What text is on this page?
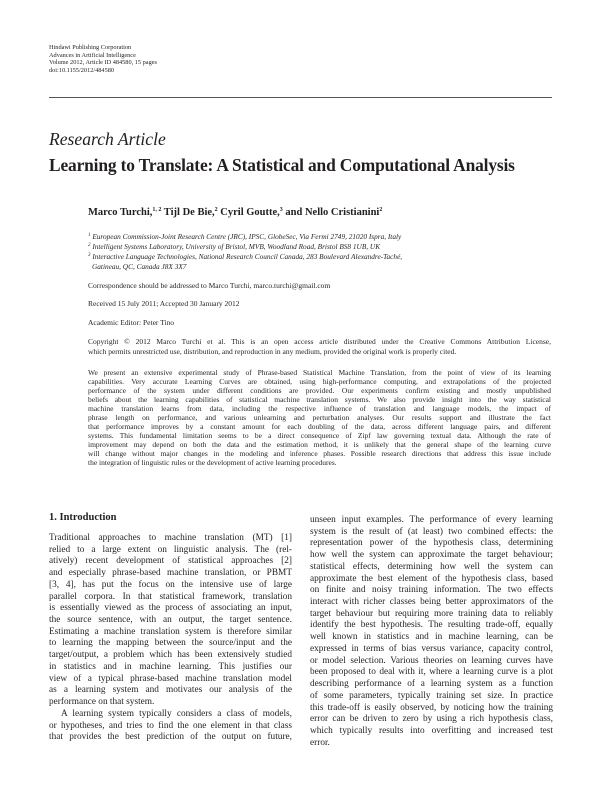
Hindawi Publishing Corporation
Advances in Artificial Intelligence
Volume 2012, Article ID 484580, 15 pages
doi:10.1155/2012/484580
Research Article
Learning to Translate: A Statistical and Computational Analysis
Marco Turchi,$^{1, 2}$ Tijl De Bie,$^2$ Cyril Goutte,$^3$ and Nello Cristianini$^2$
$^1$ European Commission-Joint Research Centre (JRC), IPSC, GlobeSec, Via Fermi 2749, 21020 Ispra, Italy
$^2$ Intelligent Systems Laboratory, University of Bristol, MVB, Woodland Road, Bristol BS8 1UB, UK
$^3$ Interactive Language Technologies, National Research Council Canada, 283 Boulevard Alexandre-Taché,
Gatineau, QC, Canada J8X 3X7
Correspondence should be addressed to Marco Turchi, marco.turchi@gmail.com
Received 15 July 2011; Accepted 30 January 2012
Academic Editor: Peter Tino
Copyright © 2012 Marco Turchi et al. This is an open access article distributed under the Creative Commons Attribution License,
which permits unrestricted use, distribution, and reproduction in any medium, provided the original work is properly cited.
We present an extensive experimental study of Phrase-based Statistical Machine Translation, from the point of view of its learning
capabilities. Very accurate Learning Curves are obtained, using high-performance computing, and extrapolations of the projected
performance of the system under different conditions are provided. Our experiments confirm existing and mostly unpublished
beliefs about the learning capabilities of statistical machine translation systems. We also provide insight into the way statistical
machine translation learns from data, including the respective influence of translation and language models, the impact of
phrase length on performance, and various unlearning and perturbation analyses. Our results support and illustrate the fact
that performance improves by a constant amount for each doubling of the data, across different language pairs, and different
systems. This fundamental limitation seems to be a direct consequence of Zipf law governing textual data. Although the rate of
improvement may depend on both the data and the estimation method, it is unlikely that the general shape of the learning curve
will change without major changes in the modeling and inference phases. Possible research directions that address this issue include
the integration of linguistic rules or the development of active learning procedures.
1. Introduction
Traditional approaches to machine translation (MT) [1]
relied to a large extent on linguistic analysis. The (rel-
atively) recent development of statistical approaches [2]
and especially phrase-based machine translation, or PBMT
[3, 4], has put the focus on the intensive use of large
parallel corpora. In that statistical framework, translation
is essentially viewed as the process of associating an input,
the source sentence, with an output, the target sentence.
Estimating a machine translation system is therefore similar
to learning the mapping between the source/input and the
target/output, a problem which has been extensively studied
in statistics and in machine learning. This justifies our
view of a typical phrase-based machine translation model
as a learning system and motivates our analysis of the
performance on that system.
A learning system typically considers a class of models,
or hypotheses, and tries to find the one element in that class
that provides the best prediction of the output on future,
unseen input examples. The performance of every learning
system is the result of (at least) two combined effects: the
representation power of the hypothesis class, determining
how well the system can approximate the target behaviour;
statistical effects, determining how well the system can
approximate the best element of the hypothesis class, based
on finite and noisy training information. The two effects
interact with richer classes being better approximators of the
target behaviour but requiring more training data to reliably
identify the best hypothesis. The resulting trade-off, equally
well known in statistics and in machine learning, can be
expressed in terms of bias versus variance, capacity control,
or model selection. Various theories on learning curves have
been proposed to deal with it, where a learning curve is a plot
describing performance of a learning system as a function
of some parameters, typically training set size. In practice
this trade-off is easily observed, by noticing how the training
error can be driven to zero by using a rich hypothesis class,
which typically results into overfitting and increased test
error.
